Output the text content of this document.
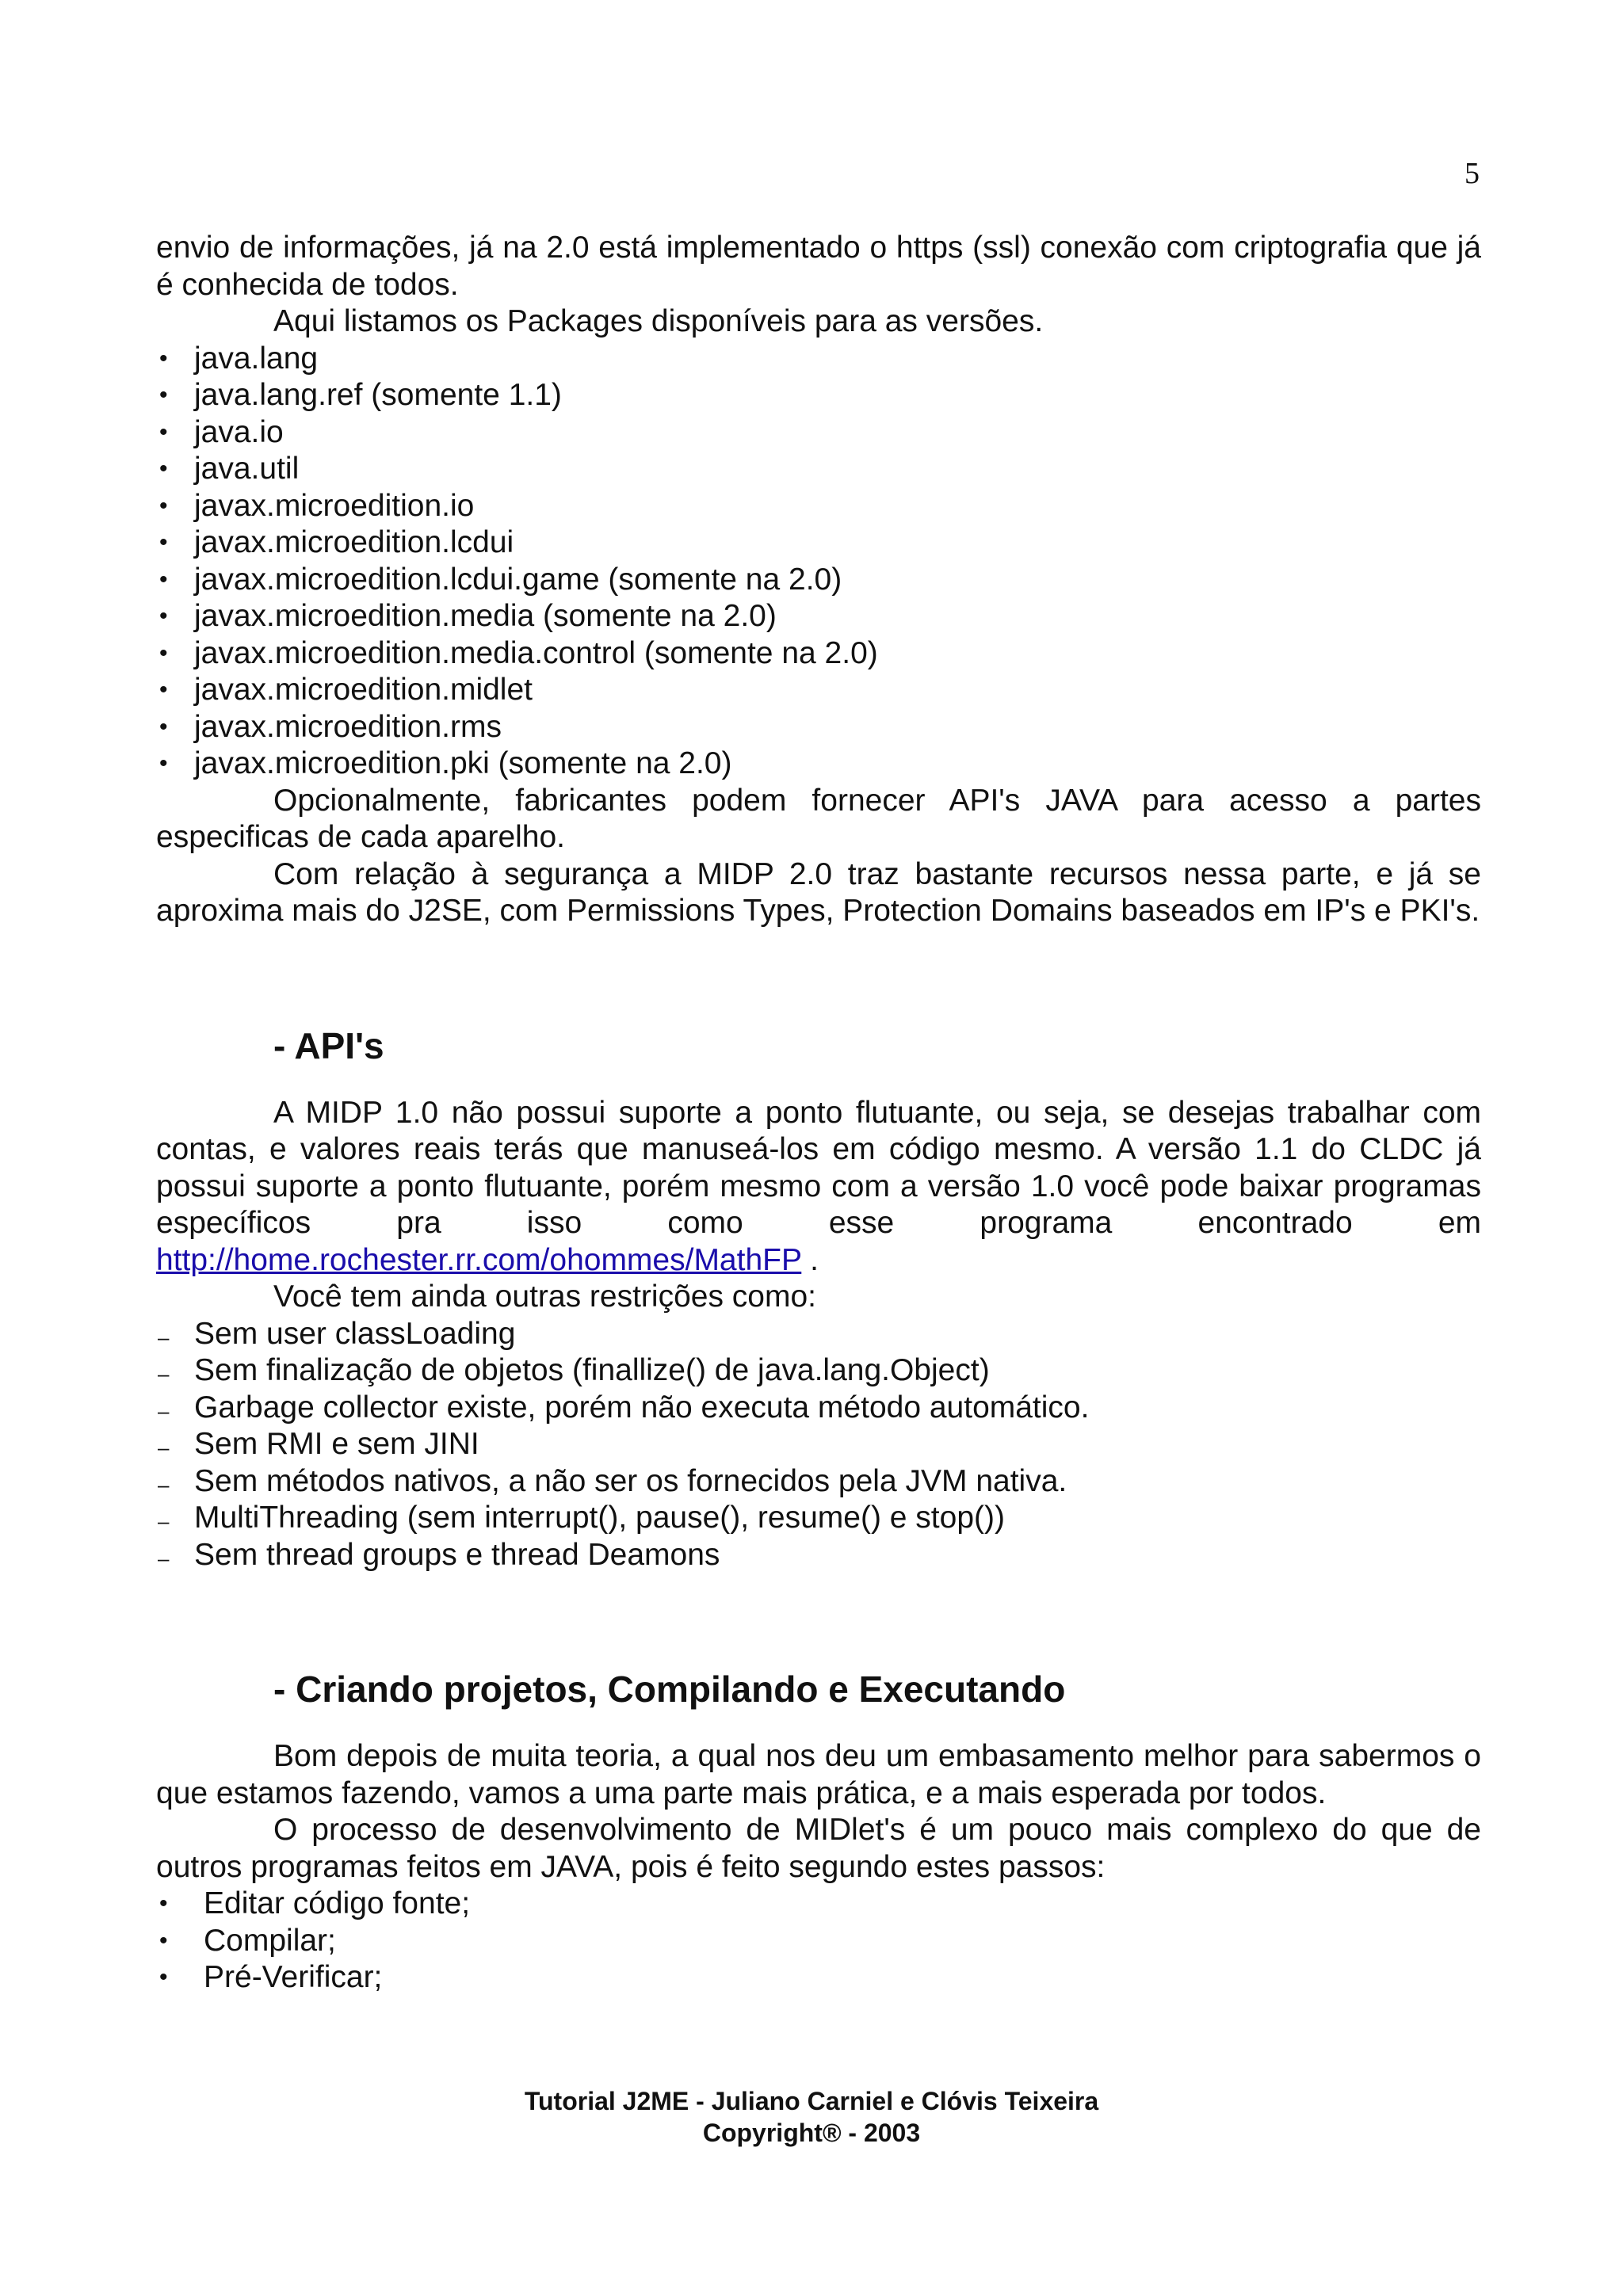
5

envio de informações, já na 2.0 está implementado o https (ssl) conexão com criptografia que já é conhecida de todos.

Aqui listamos os Packages disponíveis para as versões.

• java.lang
• java.lang.ref (somente 1.1)
• java.io
• java.util
• javax.microedition.io
• javax.microedition.lcdui
• javax.microedition.lcdui.game (somente na 2.0)
• javax.microedition.media (somente na 2.0)
• javax.microedition.media.control (somente na 2.0)
• javax.microedition.midlet
• javax.microedition.rms
• javax.microedition.pki (somente na 2.0)

Opcionalmente, fabricantes podem fornecer API's JAVA para acesso a partes especificas de cada aparelho.

Com relação à segurança a MIDP 2.0 traz bastante recursos nessa parte, e já se aproxima mais do J2SE, com Permissions Types, Protection Domains baseados em IP's e PKI's.

- API's

A MIDP 1.0 não possui suporte a ponto flutuante, ou seja, se desejas trabalhar com contas, e valores reais terás que manuseá-los em código mesmo. A versão 1.1 do CLDC já possui suporte a ponto flutuante, porém mesmo com a versão 1.0 você pode baixar programas específicos pra isso como esse programa encontrado em http://home.rochester.rr.com/ohommes/MathFP .

Você tem ainda outras restrições como:

– Sem user classLoading
– Sem finalização de objetos (finallize() de java.lang.Object)
– Garbage collector existe, porém não executa método automático.
– Sem RMI e sem JINI
– Sem métodos nativos, a não ser os fornecidos pela JVM nativa.
– MultiThreading (sem interrupt(), pause(), resume() e stop())
– Sem thread groups e thread Deamons
- Criando projetos, Compilando e Executando

Bom depois de muita teoria, a qual nos deu um embasamento melhor para sabermos o que estamos fazendo, vamos a uma parte mais prática, e a mais esperada por todos.

O processo de desenvolvimento de MIDlet's é um pouco mais complexo do que de outros programas feitos em JAVA, pois é feito segundo estes passos:

•	Editar código fonte;
•	Compilar;
•	Pré-Verificar;
Tutorial J2ME - Juliano Carniel e Clóvis Teixeira
Copyright® - 2003
